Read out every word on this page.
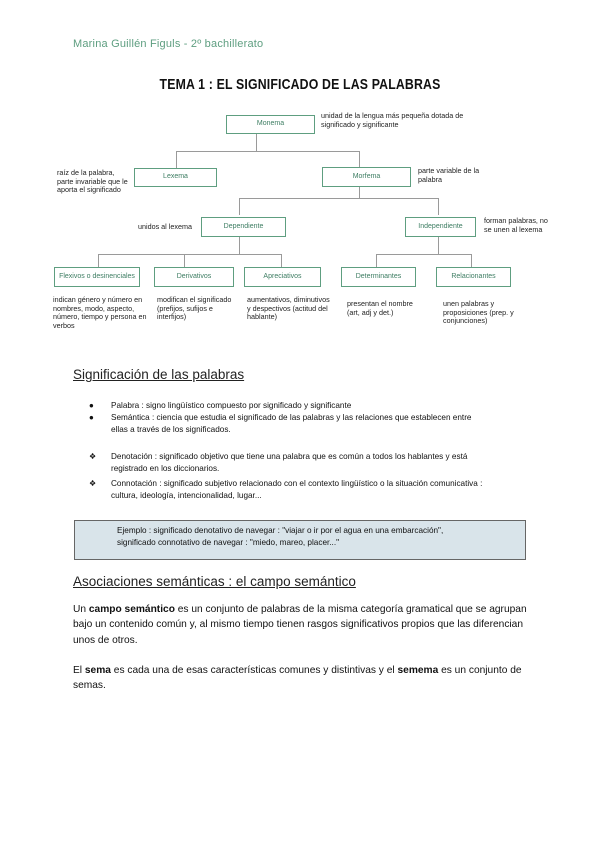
Marina Guillén Figuls - 2º bachillerato
TEMA 1 : EL SIGNIFICADO DE LAS PALABRAS
Monema
Lexema	Morfema
Dependiente	Independiente
Flexivos o desinenciales	Derivativos	Apreciativos	Determinantes	Relacionantes
unidad de la lengua más pequeña dotada de significado y significante
raíz de la palabra, parte invariable que le aporta el significado
parte variable de la palabra
unidos al lexema
forman palabras, no se unen al lexema
indican género y número en nombres, modo, aspecto, número, tiempo y persona en verbos
modifican el significado (prefijos, sufijos e interfijos)
aumentativos, diminutivos y despectivos (actitud del hablante)
presentan el nombre (art, adj y det.)
unen palabras y proposiciones (prep. y conjunciones)
Significación de las palabras
● Palabra : signo lingüístico compuesto por significado y significante
● Semántica : ciencia que estudia el significado de las palabras y las relaciones que establecen entre ellas a través de los significados.
❖ Denotación : significado objetivo que tiene una palabra que es común a todos los hablantes y está registrado en los diccionarios.
❖ Connotación : significado subjetivo relacionado con el contexto lingüístico o la situación comunicativa : cultura, ideología, intencionalidad, lugar...
Ejemplo : significado denotativo de navegar : "viajar o ir por el agua en una embarcación",
significado connotativo de navegar : "miedo, mareo, placer..."
Asociaciones semánticas : el campo semántico

Un campo semántico es un conjunto de palabras de la misma categoría gramatical que se agrupan bajo un contenido común y, al mismo tiempo tienen rasgos significativos propios que las diferencian unos de otros.

El sema es cada una de esas características comunes y distintivas y el semema es un conjunto de semas.
